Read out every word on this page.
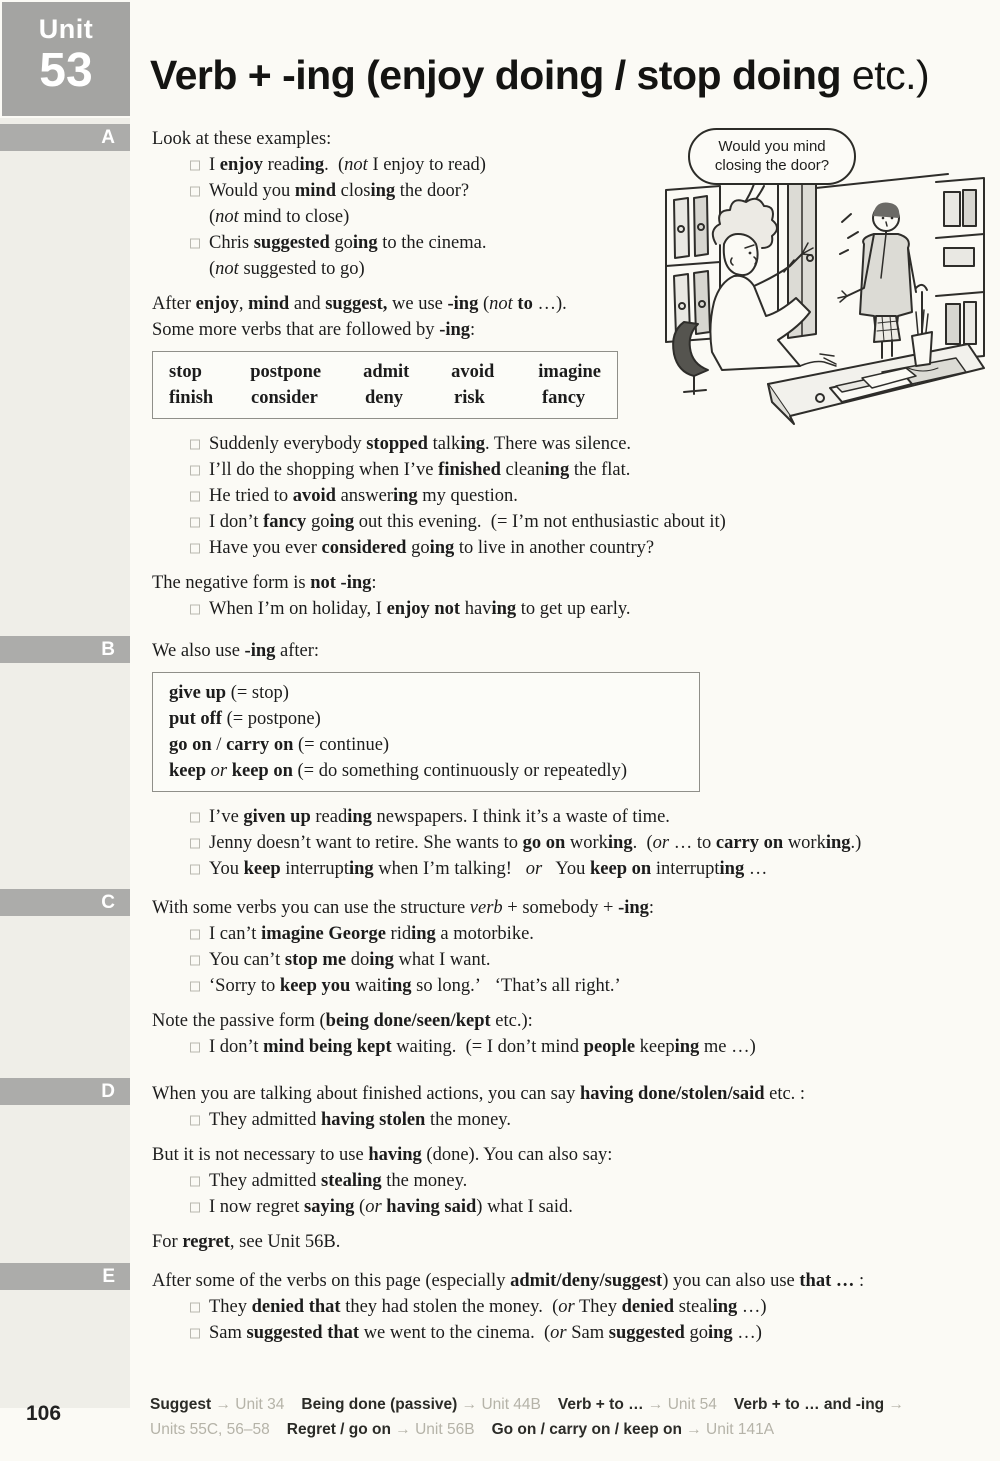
Unit
53	Verb + -ing (enjoy doing / stop doing etc.)
A
B
C
D
E
Look at these examples:
I enjoy reading.  (not I enjoy to read)
Would you mind closing the door?
(not mind to close)
Chris suggested going to the cinema.
(not suggested to go)
After enjoy, mind and suggest, we use -ing (not to …).
Some more verbs that are followed by -ing:
stop	postpone	admit	avoid	imagine
finish	consider	deny	risk	fancy
Suddenly everybody stopped talking. There was silence.
I’ll do the shopping when I’ve finished cleaning the flat.
He tried to avoid answering my question.
I don’t fancy going out this evening.  (= I’m not enthusiastic about it)
Have you ever considered going to live in another country?
The negative form is not -ing:
When I’m on holiday, I enjoy not having to get up early.
We also use -ing after:
give up (= stop)
put off (= postpone)
go on / carry on (= continue)
keep or keep on (= do something continuously or repeatedly)
I’ve given up reading newspapers. I think it’s a waste of time.
Jenny doesn’t want to retire. She wants to go on working.  (or … to carry on working.)
You keep interrupting when I’m talking!   or   You keep on interrupting …
With some verbs you can use the structure verb + somebody + -ing:
I can’t imagine George riding a motorbike.
You can’t stop me doing what I want.
‘Sorry to keep you waiting so long.’   ‘That’s all right.’
Note the passive form (being done/seen/kept etc.):
I don’t mind being kept waiting.  (= I don’t mind people keeping me …)
When you are talking about finished actions, you can say having done/stolen/said etc. :
They admitted having stolen the money.
But it is not necessary to use having (done). You can also say:
They admitted stealing the money.
I now regret saying (or having said) what I said.
For regret, see Unit 56B.
After some of the verbs on this page (especially admit/deny/suggest) you can also use that … :
They denied that they had stolen the money.  (or They denied stealing …)
Sam suggested that we went to the cinema.  (or Sam suggested going …)
Would you mind
closing the door?
106	Suggest → Unit 34 Being done (passive) → Unit 44B Verb + to … → Unit 54 Verb + to … and -ing →
Units 55C, 56–58 Regret / go on → Unit 56B Go on / carry on / keep on → Unit 141A
